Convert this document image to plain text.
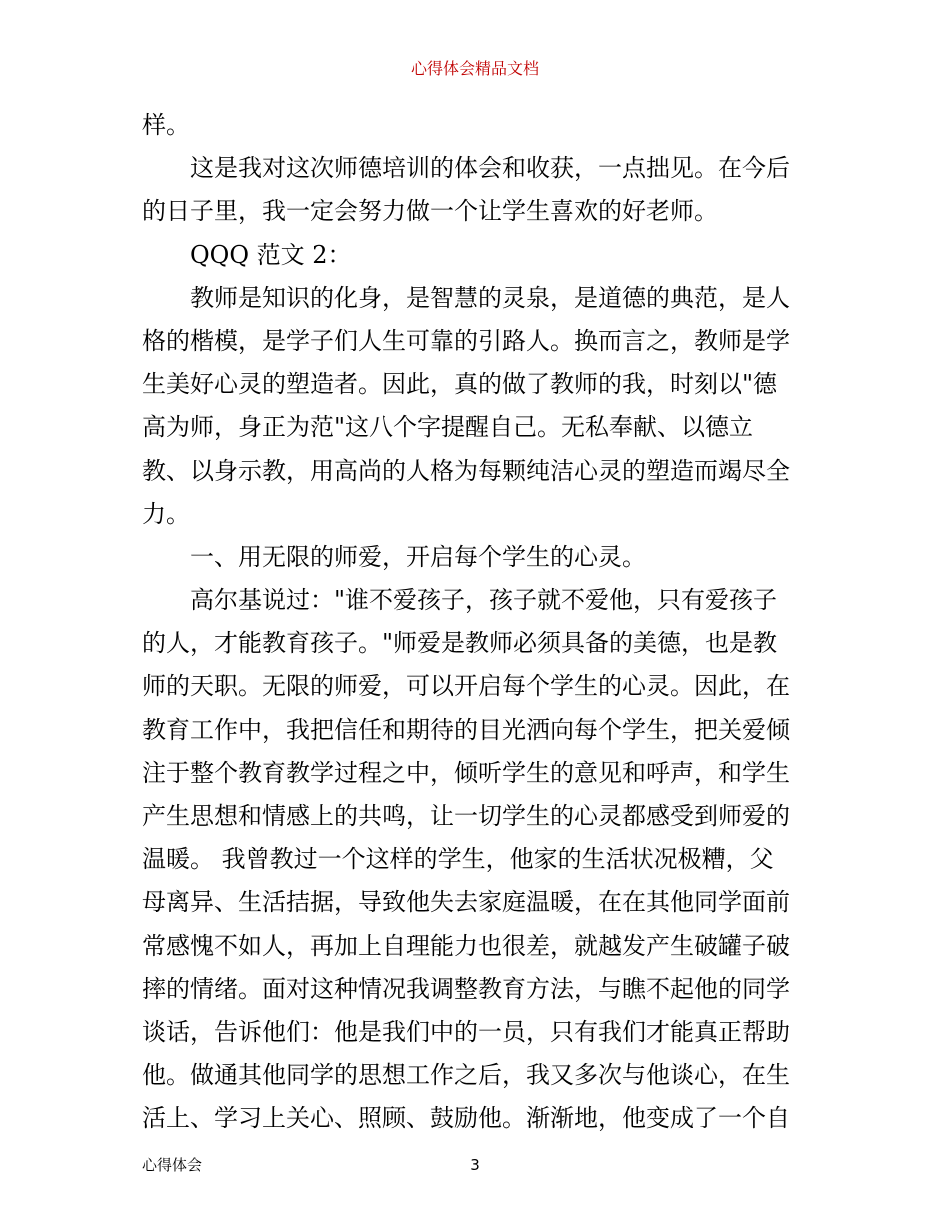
心得体会精品文档
样。
这是我对这次师德培训的体会和收获，一点拙见。在今后
的日子里，我一定会努力做一个让学生喜欢的好老师。
QQQ 范文 2：
教师是知识的化身，是智慧的灵泉，是道德的典范，是人
格的楷模，是学子们人生可靠的引路人。换而言之，教师是学
生美好心灵的塑造者。因此，真的做了教师的我，时刻以"德
高为师，身正为范"这八个字提醒自己。无私奉献、以德立
教、以身示教，用高尚的人格为每颗纯洁心灵的塑造而竭尽全
力。
一、用无限的师爱，开启每个学生的心灵。
高尔基说过："谁不爱孩子，孩子就不爱他，只有爱孩子
的人，才能教育孩子。"师爱是教师必须具备的美德，也是教
师的天职。无限的师爱，可以开启每个学生的心灵。因此，在
教育工作中，我把信任和期待的目光洒向每个学生，把关爱倾
注于整个教育教学过程之中，倾听学生的意见和呼声，和学生
产生思想和情感上的共鸣，让一切学生的心灵都感受到师爱的
温暖。 我曾教过一个这样的学生，他家的生活状况极糟，父
母离异、生活拮据，导致他失去家庭温暖，在在其他同学面前
常感愧不如人，再加上自理能力也很差，就越发产生破罐子破
摔的情绪。面对这种情况我调整教育方法，与瞧不起他的同学
谈话，告诉他们：他是我们中的一员，只有我们才能真正帮助
他。做通其他同学的思想工作之后，我又多次与他谈心，在生
活上、学习上关心、照顾、鼓励他。渐渐地，他变成了一个自
心得体会	3
